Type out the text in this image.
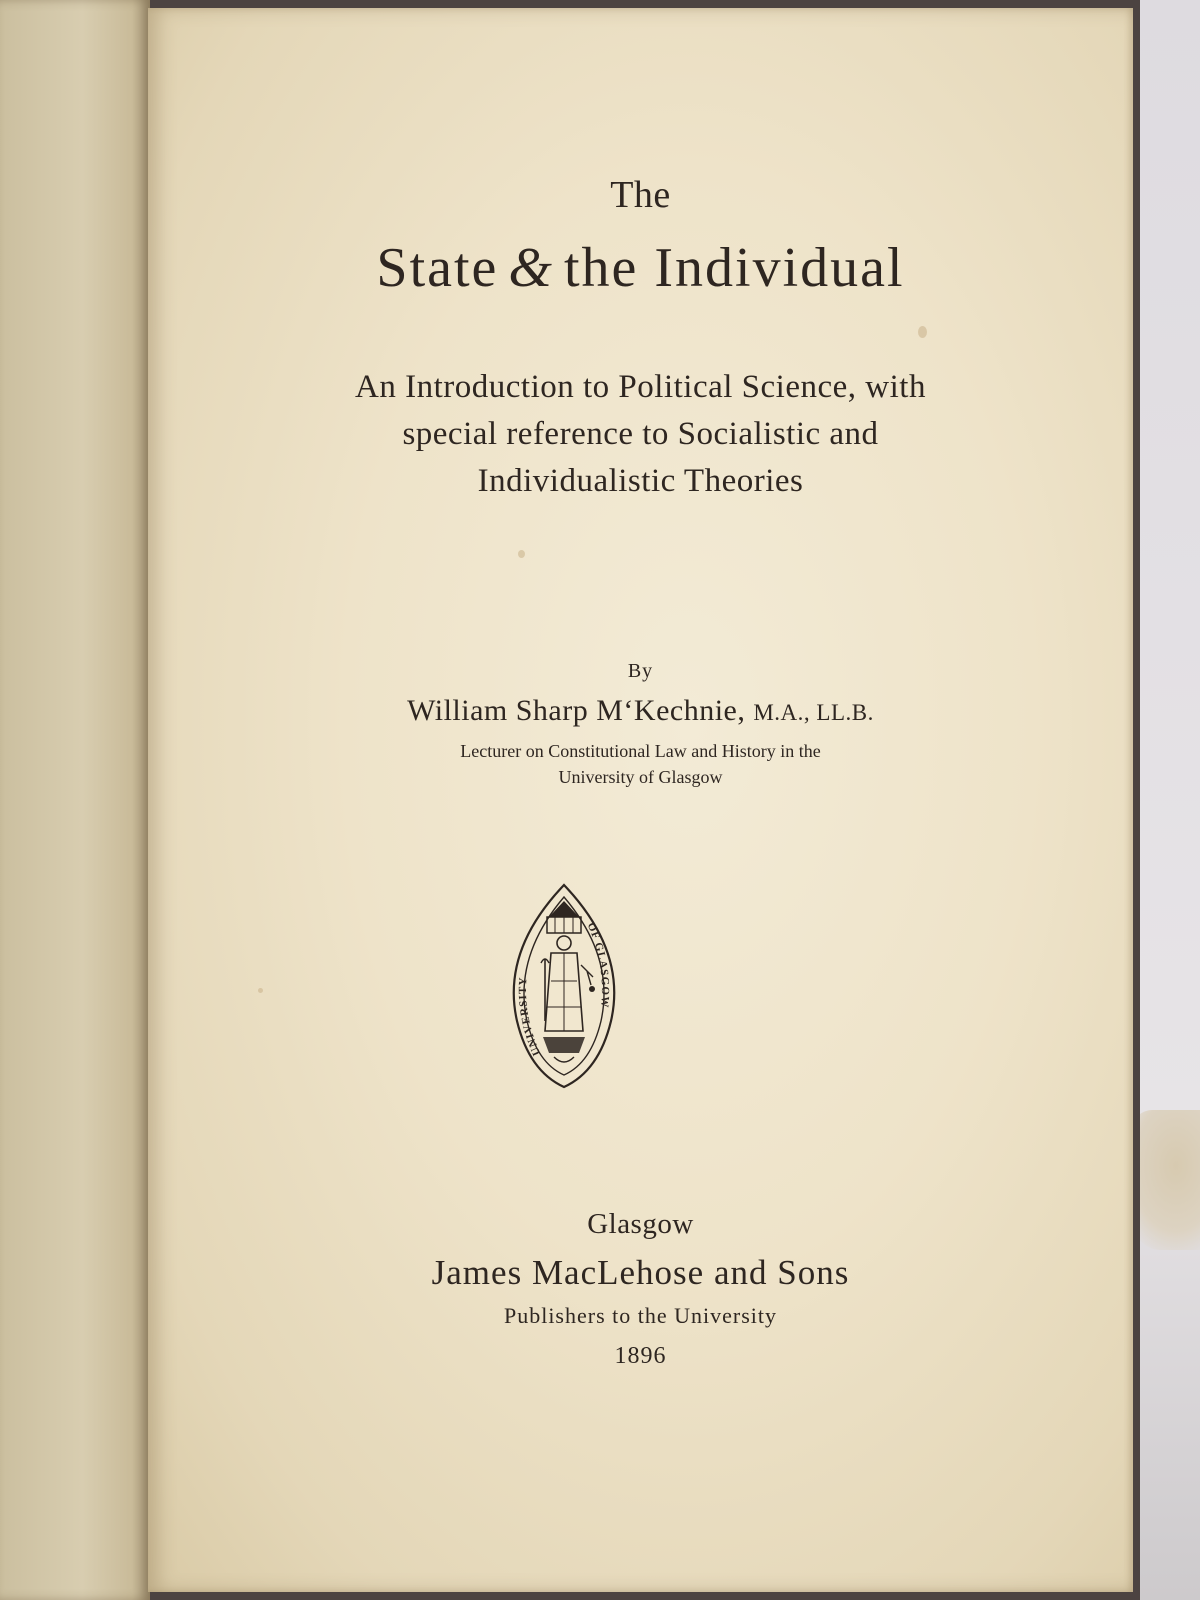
The
State & the Individual
An Introduction to Political Science, with
special reference to Socialistic and
Individualistic Theories
By
William Sharp M‘Kechnie, M.A., LL.B.
Lecturer on Constitutional Law and History in the
University of Glasgow
UNIVERSITY
OF GLASGOW
Glasgow
James MacLehose and Sons
Publishers to the University
1896
